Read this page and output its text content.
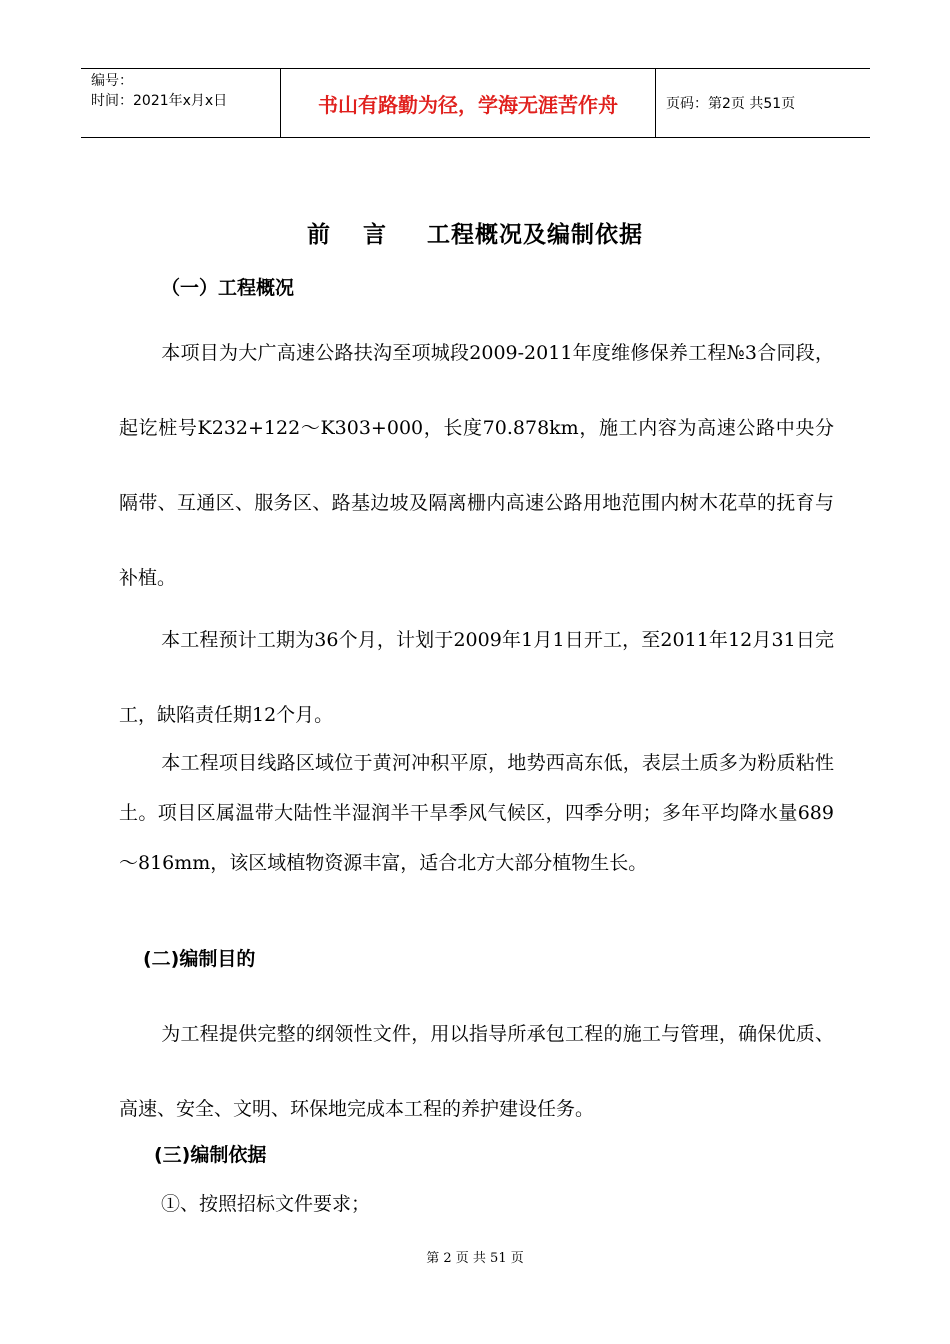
编号：
时间：2021年x月x日	书山有路勤为径，学海无涯苦作舟	页码：第2页 共51页
前 言 工程概况及编制依据
（一）工程概况

本项目为大广高速公路扶沟至项城段2009-2011年度维修保养工程№3合同段，起讫桩号K232+122～K303+000，长度70.878km，施工内容为高速公路中央分隔带、互通区、服务区、路基边坡及隔离栅内高速公路用地范围内树木花草的抚育与补植。

本工程预计工期为36个月，计划于2009年1月1日开工，至2011年12月31日完工，缺陷责任期12个月。

本工程项目线路区域位于黄河冲积平原，地势西高东低，表层土质多为粉质粘性土。项目区属温带大陆性半湿润半干旱季风气候区，四季分明；多年平均降水量689～816mm，该区域植物资源丰富，适合北方大部分植物生长。

(二)编制目的

为工程提供完整的纲领性文件，用以指导所承包工程的施工与管理，确保优质、高速、安全、文明、环保地完成本工程的养护建设任务。

(三)编制依据
①、按照招标文件要求；
第 2 页 共 51 页
